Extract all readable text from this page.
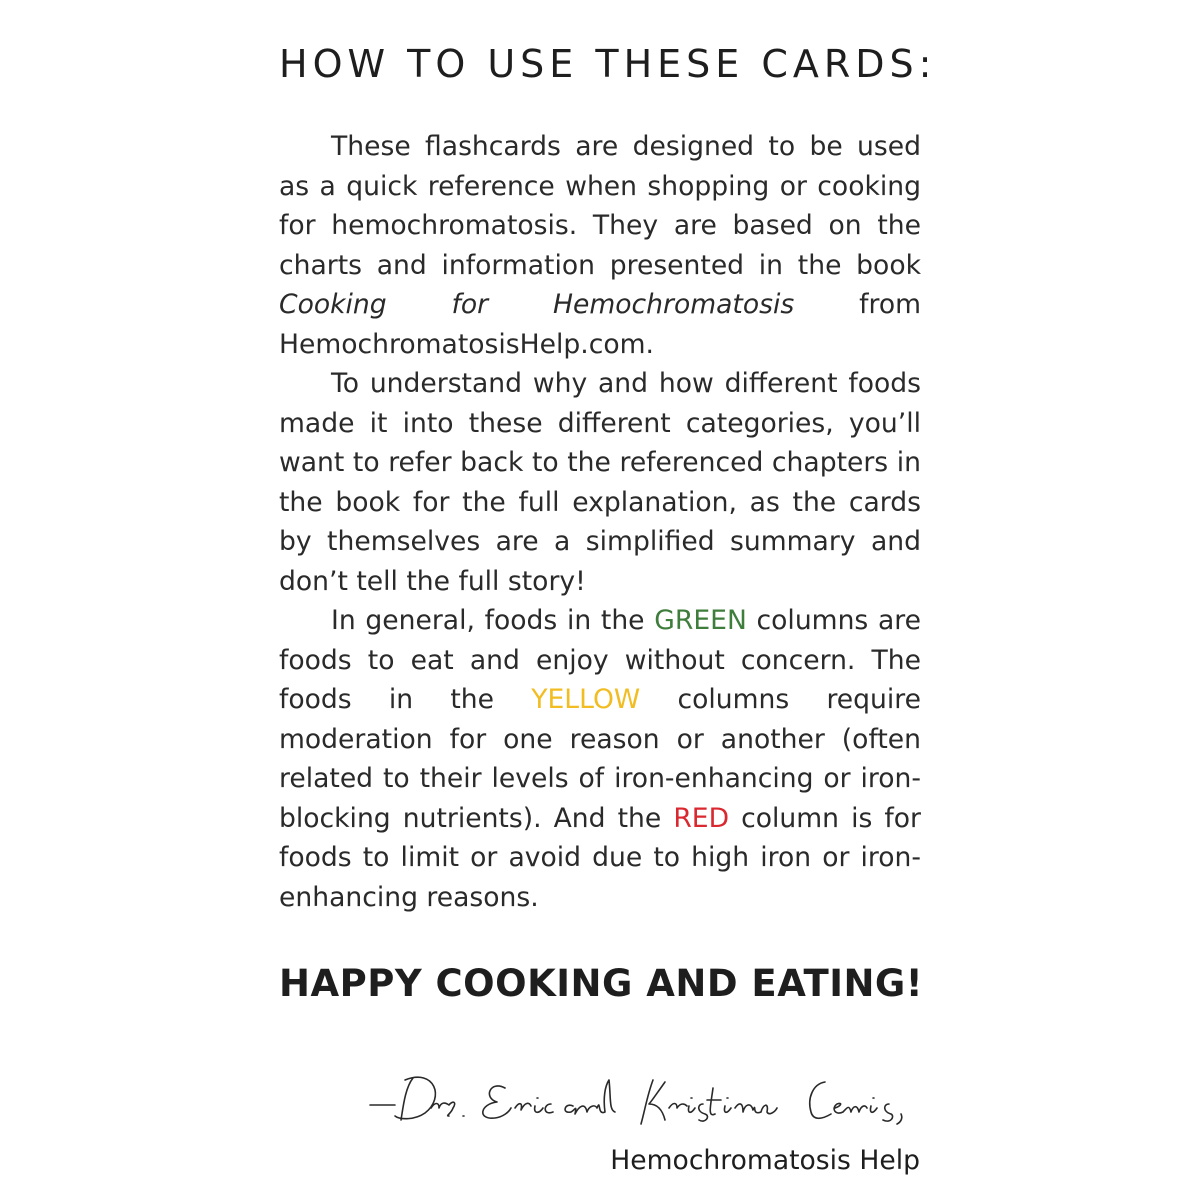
HOW TO USE THESE CARDS:

These flashcards are designed to be used as a quick reference when shopping or cooking for hemochromatosis. They are based on the charts and information presented in the book Cooking for Hemochromatosis from HemochromatosisHelp.com.

To understand why and how different foods made it into these different categories, you’ll want to refer back to the referenced chapters in the book for the full explanation, as the cards by themselves are a simplified summary and don’t tell the full story!

In general, foods in the GREEN columns are foods to eat and enjoy without concern. The foods in the YELLOW columns require moderation for one reason or another (often related to their levels of iron-enhancing or iron-blocking nutrients). And the RED column is for foods to limit or avoid due to high iron or iron-enhancing reasons.

HAPPY COOKING AND EATING!
—Drs. Eric and Kristina Lewis,
Hemochromatosis Help
